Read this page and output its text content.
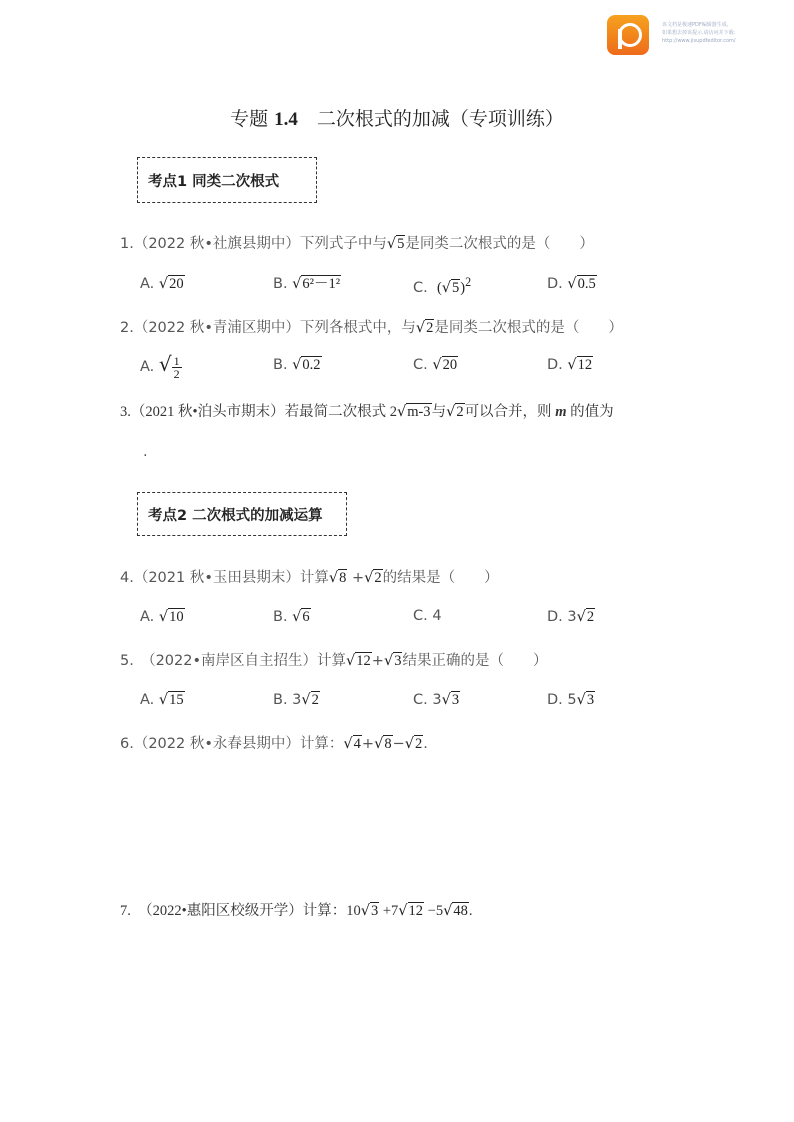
该文档是极速PDF编辑器生成,
如果想去掉该提示,请访问并下载:
http://www.jisupdfeditor.com/
专题 1.4　二次根式的加减（专项训练）
考点1 同类二次根式
1.（2022 秋•社旗县期中）下列式子中与√5是同类二次根式的是（　　）
A. √20	B. √6²－1²	C. $(√5)^2$	D. √0.5
2.（2022 秋•青浦区期中）下列各根式中，与√2是同类二次根式的是（　　）
A. √ $\frac{1}{2}$	B. √0.2	C. √20	D. √12
3.（2021 秋•泊头市期末）若最简二次根式 2√m-3与√2可以合并，则 m 的值为
.
考点2 二次根式的加减运算
4.（2021 秋•玉田县期末）计算√8 +√2的结果是（　　）
A. √10	B. √6	C. 4	D. 3√2
5.　（2022•南岸区自主招生）计算√12+√3结果正确的是（　　）
A. √15	B. 3√2	C. 3√3	D. 5√3
6.（2022 秋•永春县期中）计算：√4+√8−√2.
7.　（2022•惠阳区校级开学）计算：10√3 +7√12 −5√48.
